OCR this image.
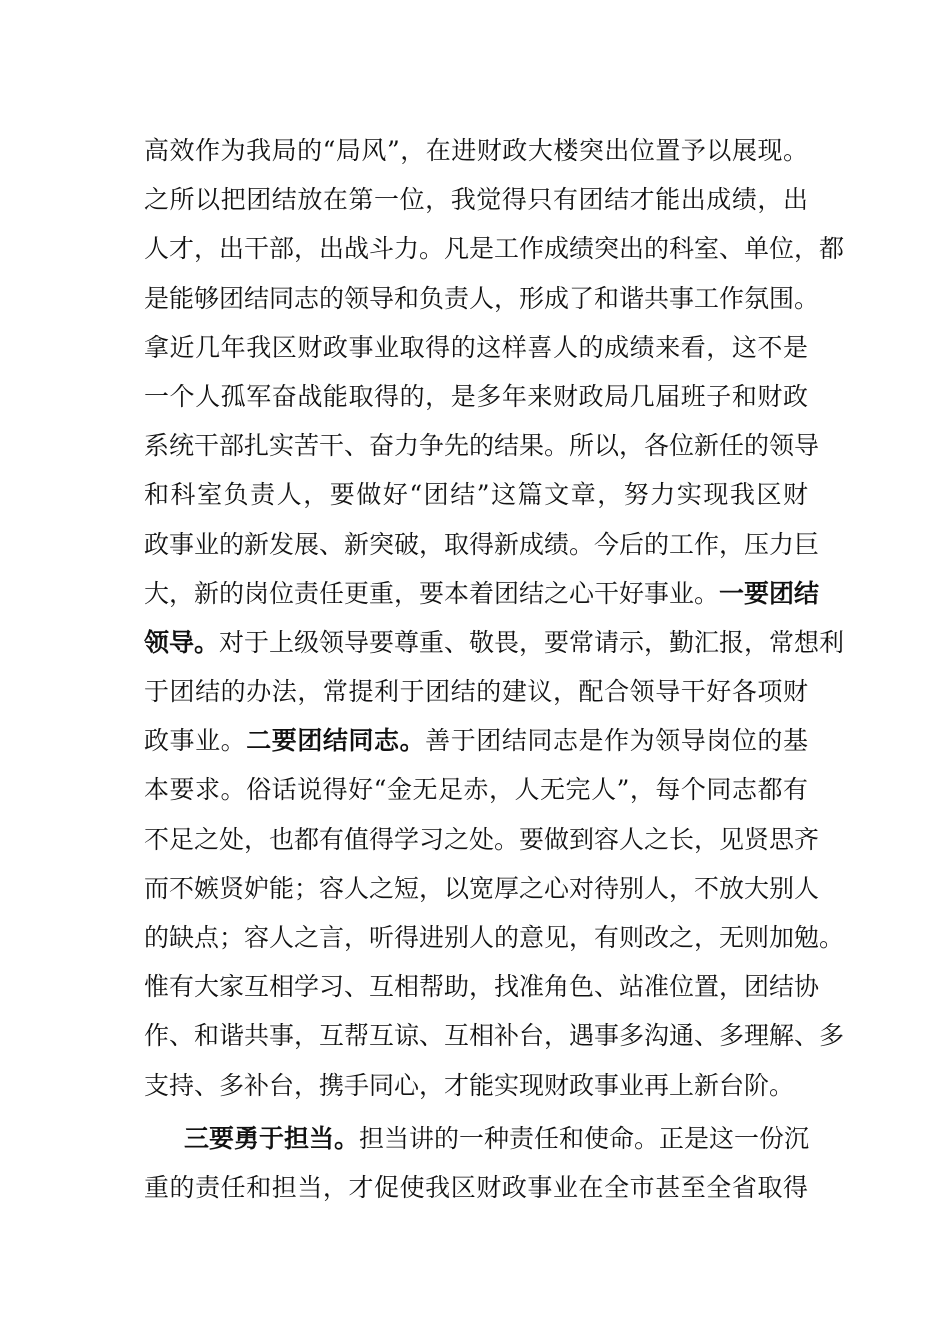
高效作为我局的“局风”，在进财政大楼突出位置予以展现。
之所以把团结放在第一位，我觉得只有团结才能出成绩，出
人才，出干部，出战斗力。凡是工作成绩突出的科室、单位，都
是能够团结同志的领导和负责人，形成了和谐共事工作氛围。
拿近几年我区财政事业取得的这样喜人的成绩来看，这不是
一个人孤军奋战能取得的，是多年来财政局几届班子和财政
系统干部扎实苦干、奋力争先的结果。所以，各位新任的领导
和科室负责人，要做好“团结”这篇文章，努力实现我区财
政事业的新发展、新突破，取得新成绩。今后的工作，压力巨
大，新的岗位责任更重，要本着团结之心干好事业。一要团结
领导。对于上级领导要尊重、敬畏，要常请示，勤汇报，常想利
于团结的办法，常提利于团结的建议，配合领导干好各项财
政事业。二要团结同志。善于团结同志是作为领导岗位的基
本要求。俗话说得好“金无足赤，人无完人”，每个同志都有
不足之处，也都有值得学习之处。要做到容人之长，见贤思齐
而不嫉贤妒能；容人之短，以宽厚之心对待别人，不放大别人
的缺点；容人之言，听得进别人的意见，有则改之，无则加勉。
惟有大家互相学习、互相帮助，找准角色、站准位置，团结协
作、和谐共事，互帮互谅、互相补台，遇事多沟通、多理解、多
支持、多补台，携手同心，才能实现财政事业再上新台阶。
三要勇于担当。担当讲的一种责任和使命。正是这一份沉
重的责任和担当，才促使我区财政事业在全市甚至全省取得
